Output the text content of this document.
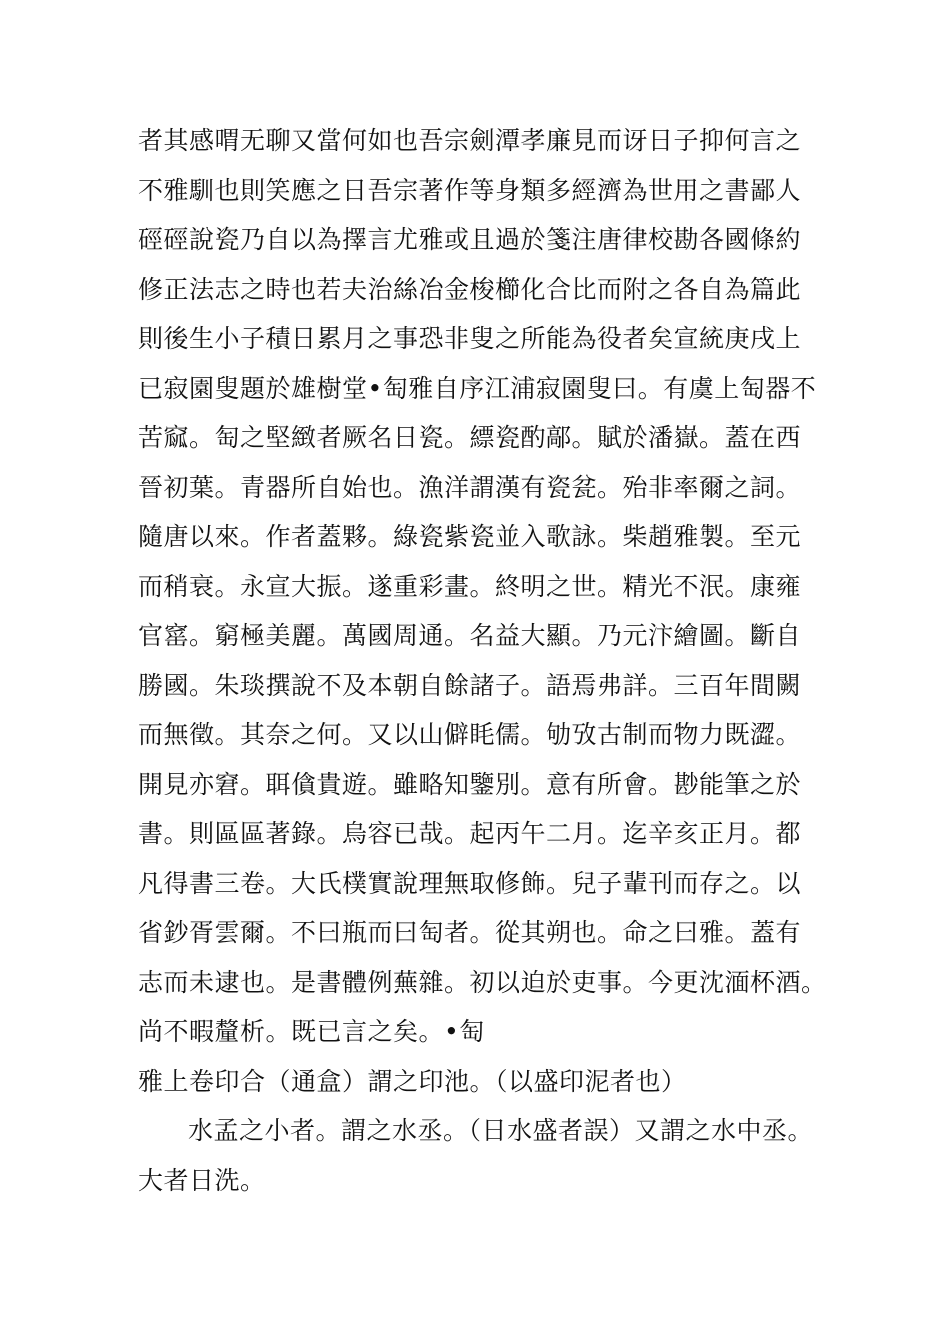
者其感喟无聊又當何如也吾宗劍潭孝廉見而讶日子抑何言之
不雅馴也則笑應之日吾宗著作等身類多經濟為世用之書鄙人
硜硜說瓷乃自以為擇言尤雅或且過於箋注唐律校勘各國條約
修正法志之時也若夫治絲冶金梭櫛化合比而附之各自為篇此
則後生小子積日累月之事恐非叟之所能為役者矣宣統庚戌上
已寂園叟題於雄樹堂•匋雅自序江浦寂園叟曰。有虞上匋器不
苦窳。匋之堅緻者厥名日瓷。縹瓷酌鄗。賦於潘嶽。蓋在西
晉初葉。青器所自始也。漁洋謂漢有瓷瓫。殆非率爾之詞。
隨唐以來。作者蓋夥。綠瓷紫瓷並入歌詠。柴趙雅製。至元
而稍衰。永宣大振。遂重彩畫。終明之世。精光不泯。康雍
官窰。窮極美麗。萬國周通。名益大顯。乃元汴繪圖。斷自
勝國。朱琰撰說不及本朝自餘諸子。語焉弗詳。三百年間闕
而無徵。其奈之何。又以山僻眊儒。劬攷古制而物力既澀。
開見亦窘。聑僋貴遊。雖略知鑒別。意有所會。尠能筆之於
書。則區區著錄。烏容已哉。起丙午二月。迄辛亥正月。都
凡得書三卷。大氏樸實說理無取修飾。兒子輩刊而存之。以
省鈔胥雲爾。不曰瓶而曰匋者。從其朔也。命之曰雅。蓋有
志而未逮也。是書體例蕪雜。初以迫於吏事。今更沈湎杯酒。
尚不暇釐析。既已言之矣。•匋
雅上卷印合（通盒）謂之印池。（以盛印泥者也）
水孟之小者。謂之水丞。（日水盛者誤）又謂之水中丞。
大者日洗。
